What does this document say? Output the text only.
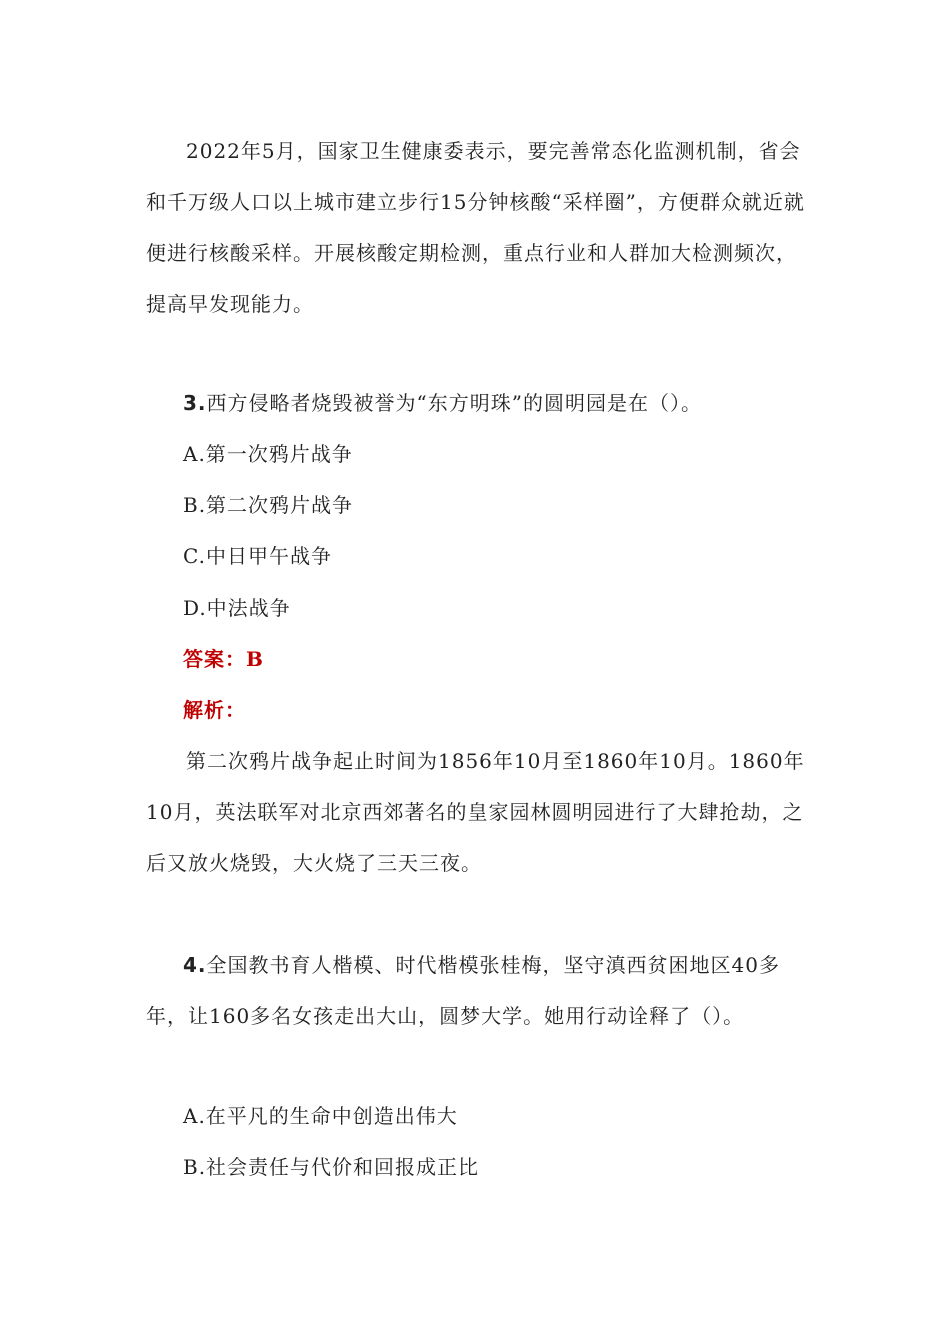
2022年5月，国家卫生健康委表示，要完善常态化监测机制，省会和千万级人口以上城市建立步行15分钟核酸“采样圈”，方便群众就近就便进行核酸采样。开展核酸定期检测，重点行业和人群加大检测频次，提高早发现能力。

3.西方侵略者烧毁被誉为“东方明珠”的圆明园是在（）。

A.第一次鸦片战争

B.第二次鸦片战争

C.中日甲午战争

D.中法战争

答案：B

解析：

第二次鸦片战争起止时间为1856年10月至1860年10月。1860年10月，英法联军对北京西郊著名的皇家园林圆明园进行了大肆抢劫，之后又放火烧毁，大火烧了三天三夜。

4.全国教书育人楷模、时代楷模张桂梅，坚守滇西贫困地区40多年，让160多名女孩走出大山，圆梦大学。她用行动诠释了（）。

A.在平凡的生命中创造出伟大

B.社会责任与代价和回报成正比
